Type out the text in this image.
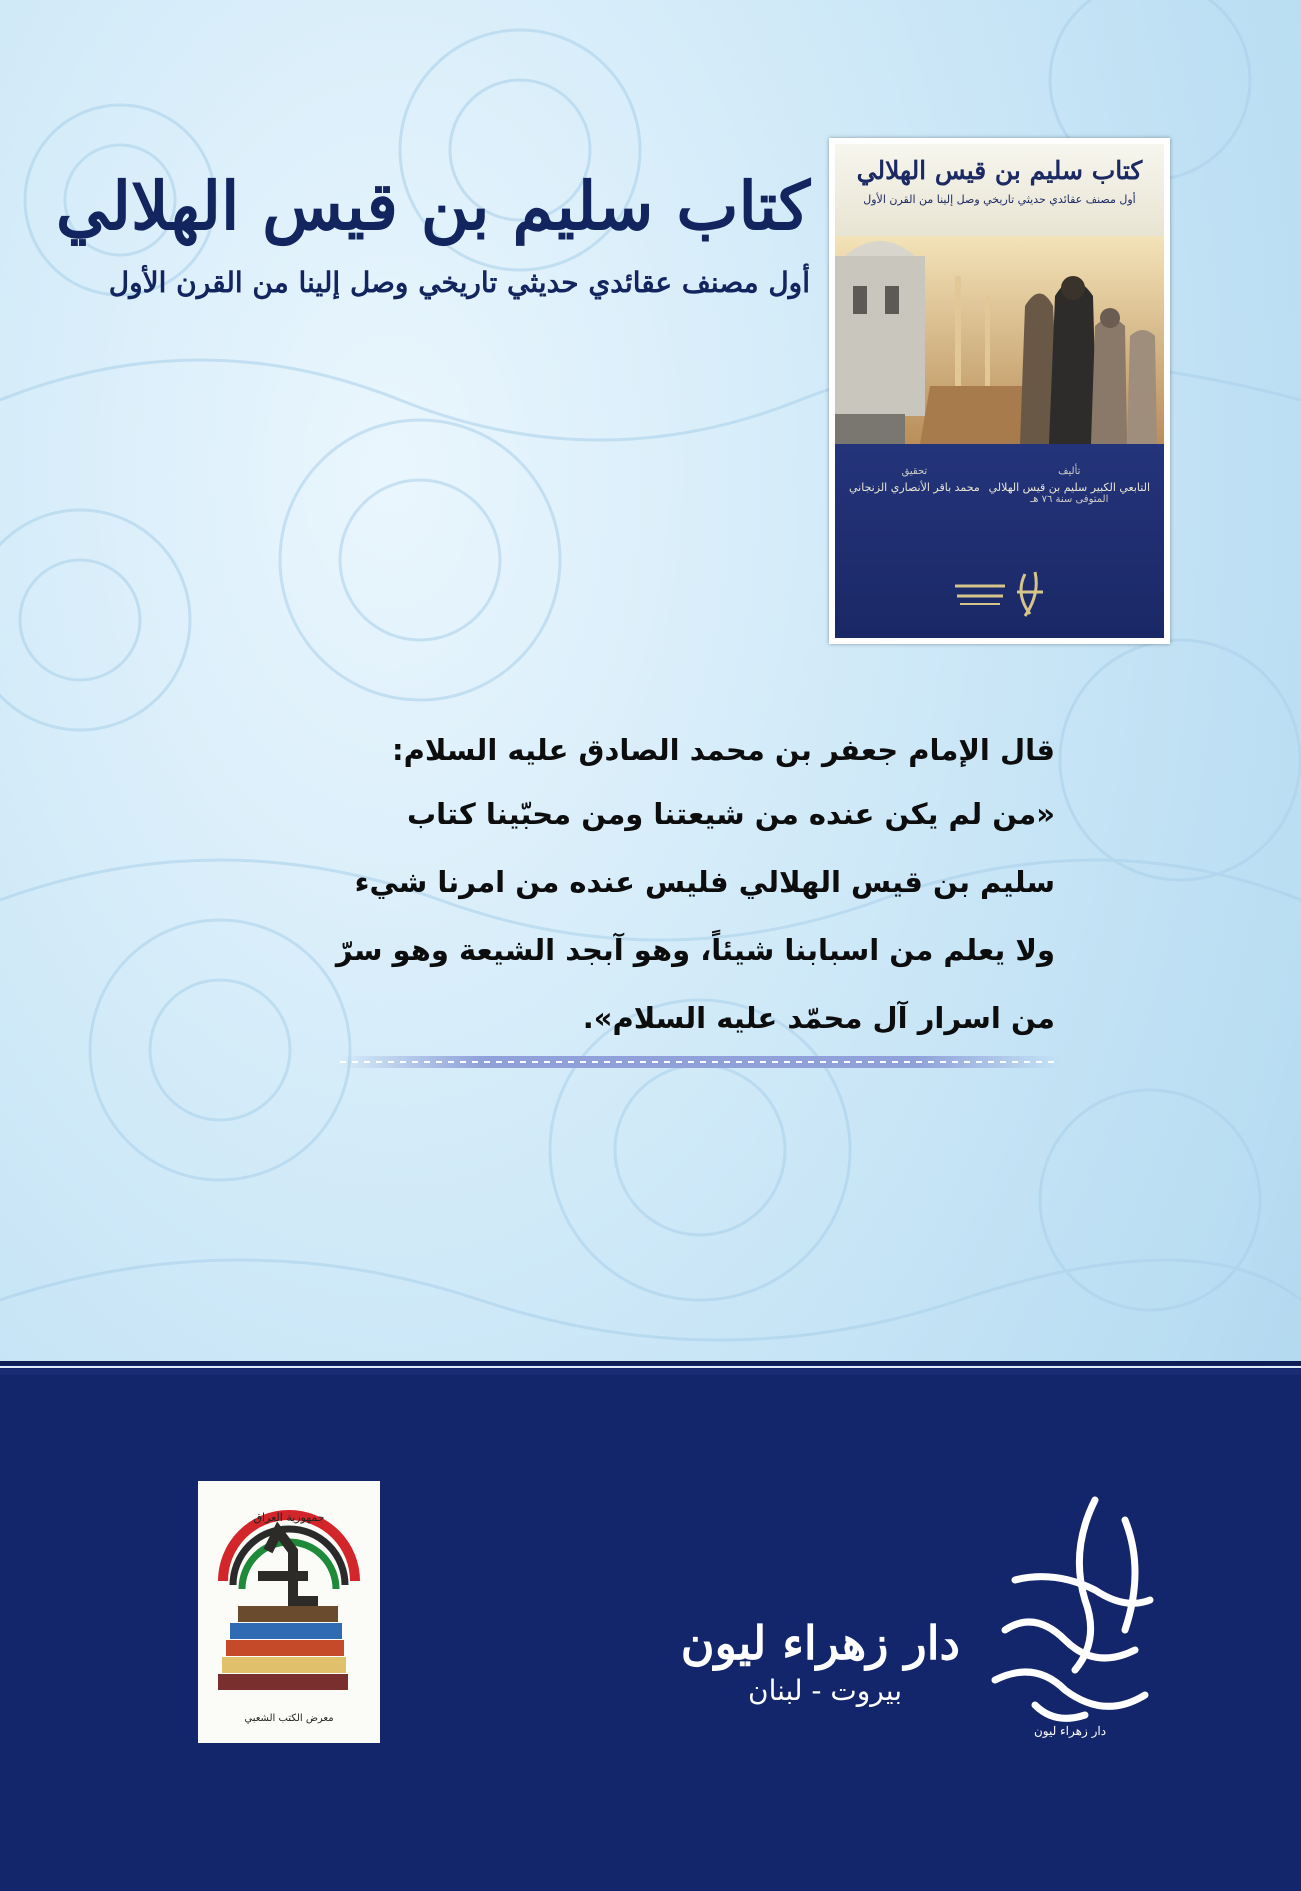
كتاب سليم بن قيس الهلالي
أول مصنف عقائدي حديثي تاريخي وصل إلينا من القرن الأول
كتاب سليم بن قيس الهلالي
أول مصنف عقائدي حديثي تاريخي وصل إلينا من القرن الأول
تأليف
التابعي الكبير سليم بن قيس الهلالي
المتوفى سنة ٧٦ هـ
تحقيق
محمد باقر الأنصاري الزنجاني
قال الإمام جعفر بن محمد الصادق عليه السلام:
«من لم يكن عنده من شيعتنا ومن محبّينا كتاب
سليم بن قيس الهلالي فليس عنده من امرنا شيء
ولا يعلم من اسبابنا شيئاً، وهو آبجد الشيعة وهو سرّ
من اسرار آل محمّد عليه السلام».
جمهورية العراق
معرض الكتب الشعبي
دار زهراء ليون
بيروت - لبنان
دار زهراء ليون
